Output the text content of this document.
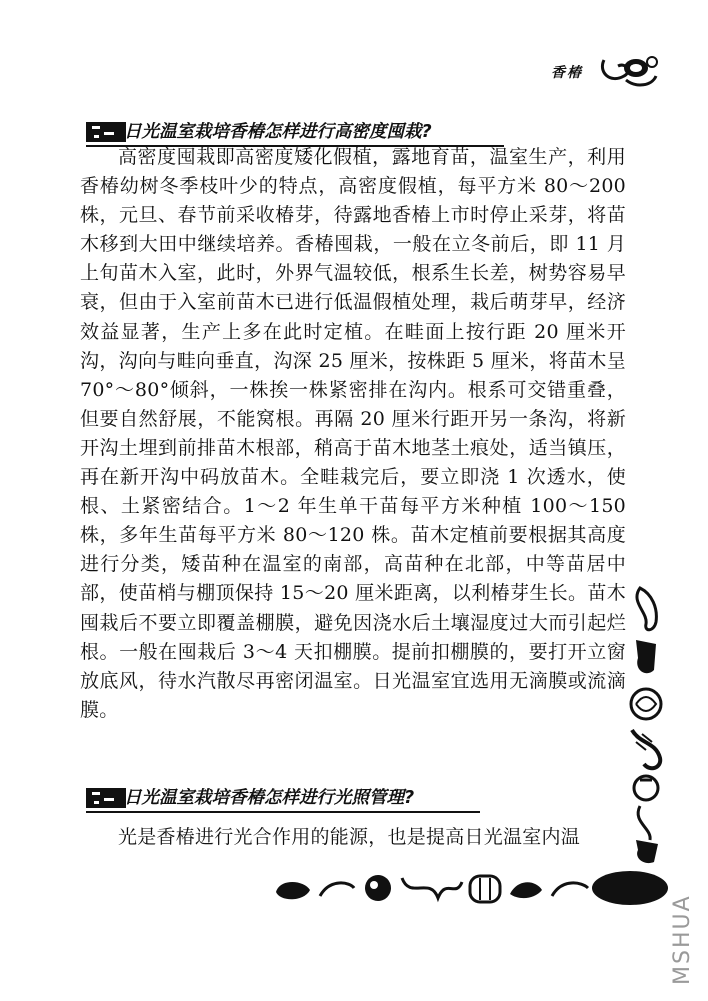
香椿
日光温室栽培香椿怎样进行高密度囤栽?

高密度囤栽即高密度矮化假植，露地育苗，温室生产，利用香椿幼树冬季枝叶少的特点，高密度假植，每平方米 80～200 株，元旦、春节前采收椿芽，待露地香椿上市时停止采芽，将苗木移到大田中继续培养。香椿囤栽，一般在立冬前后，即 11 月上旬苗木入室，此时，外界气温较低，根系生长差，树势容易早衰，但由于入室前苗木已进行低温假植处理，栽后萌芽早，经济效益显著，生产上多在此时定植。在畦面上按行距 20 厘米开沟，沟向与畦向垂直，沟深 25 厘米，按株距 5 厘米，将苗木呈 70°～80°倾斜，一株挨一株紧密排在沟内。根系可交错重叠，但要自然舒展，不能窝根。再隔 20 厘米行距开另一条沟，将新开沟土埋到前排苗木根部，稍高于苗木地茎土痕处，适当镇压，再在新开沟中码放苗木。全畦栽完后，要立即浇 1 次透水，使根、土紧密结合。1～2 年生单干苗每平方米种植 100～150 株，多年生苗每平方米 80～120 株。苗木定植前要根据其高度进行分类，矮苗种在温室的南部，高苗种在北部，中等苗居中部，使苗梢与棚顶保持 15～20 厘米距离，以利椿芽生长。苗木囤栽后不要立即覆盖棚膜，避免因浇水后土壤湿度过大而引起烂根。一般在囤栽后 3～4 天扣棚膜。提前扣棚膜的，要打开立窗放底风，待水汽散尽再密闭温室。日光温室宜选用无滴膜或流滴膜。

日光温室栽培香椿怎样进行光照管理?

光是香椿进行光合作用的能源，也是提高日光温室内温

MSHUA
